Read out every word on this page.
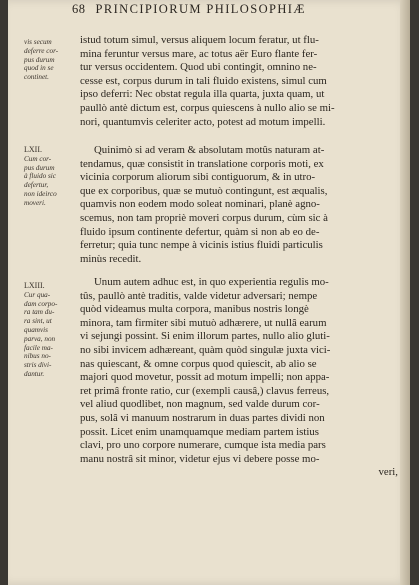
68 PRINCIPIORUM PHILOSOPHIÆ
vis secum
deferre cor-
pus durum
quod in se
continet.
LXII.
Cum cor-
pus durum
à fluido sic
defertur,
non ideirco
moveri.
LXIII.
Cur qua-
dam corpo-
ra tam du-
ra sint, ut
quamvis
parva, non
facile ma-
nibus no-
stris divi-
dantur.
istud totum simul, versus aliquem locum feratur, ut flu-
mina feruntur versus mare, ac totus aër Euro flante fer-
tur versus occidentem. Quod ubi contingit, omnino ne-
cesse est, corpus durum in tali fluido existens, simul cum
ipso deferri: Nec obstat regula illa quarta, juxta quam, ut
paullò antè dictum est, corpus quiescens à nullo alio se mi-
nori, quantumvis celeriter acto, potest ad motum impelli.
Quinimò si ad veram & absolutam motûs naturam at-
tendamus, quæ consistit in translatione corporis moti, ex
vicinia corporum aliorum sibi contiguorum, & in utro-
que ex corporibus, quæ se mutuò contingunt, est æqualis,
quamvis non eodem modo soleat nominari, planè agno-
scemus, non tam propriè moveri corpus durum, cùm sic à
fluido ipsum continente defertur, quàm si non ab eo de-
ferretur; quia tunc nempe à vicinis istius fluidi particulis
minùs recedit.
Unum autem adhuc est, in quo experientia regulis mo-
tûs, paullò antè traditis, valde videtur adversari; nempe
quòd videamus multa corpora, manibus nostris longè
minora, tam firmiter sibi mutuò adhærere, ut nullâ earum
vi sejungi possint. Si enim illorum partes, nullo alio gluti-
no sibi invicem adhæreant, quàm quòd singulæ juxta vici-
nas quiescant, & omne corpus quod quiescit, ab alio se
majori quod movetur, possit ad motum impelli; non appa-
ret primâ fronte ratio, cur (exempli causâ,) clavus ferreus,
vel aliud quodlibet, non magnum, sed valde durum cor-
pus, solâ vi manuum nostrarum in duas partes dividi non
possit. Licet enim unamquamque mediam partem istius
clavi, pro uno corpore numerare, cumque ista media pars
manu nostrâ sit minor, videtur ejus vi debere posse mo-
veri,
